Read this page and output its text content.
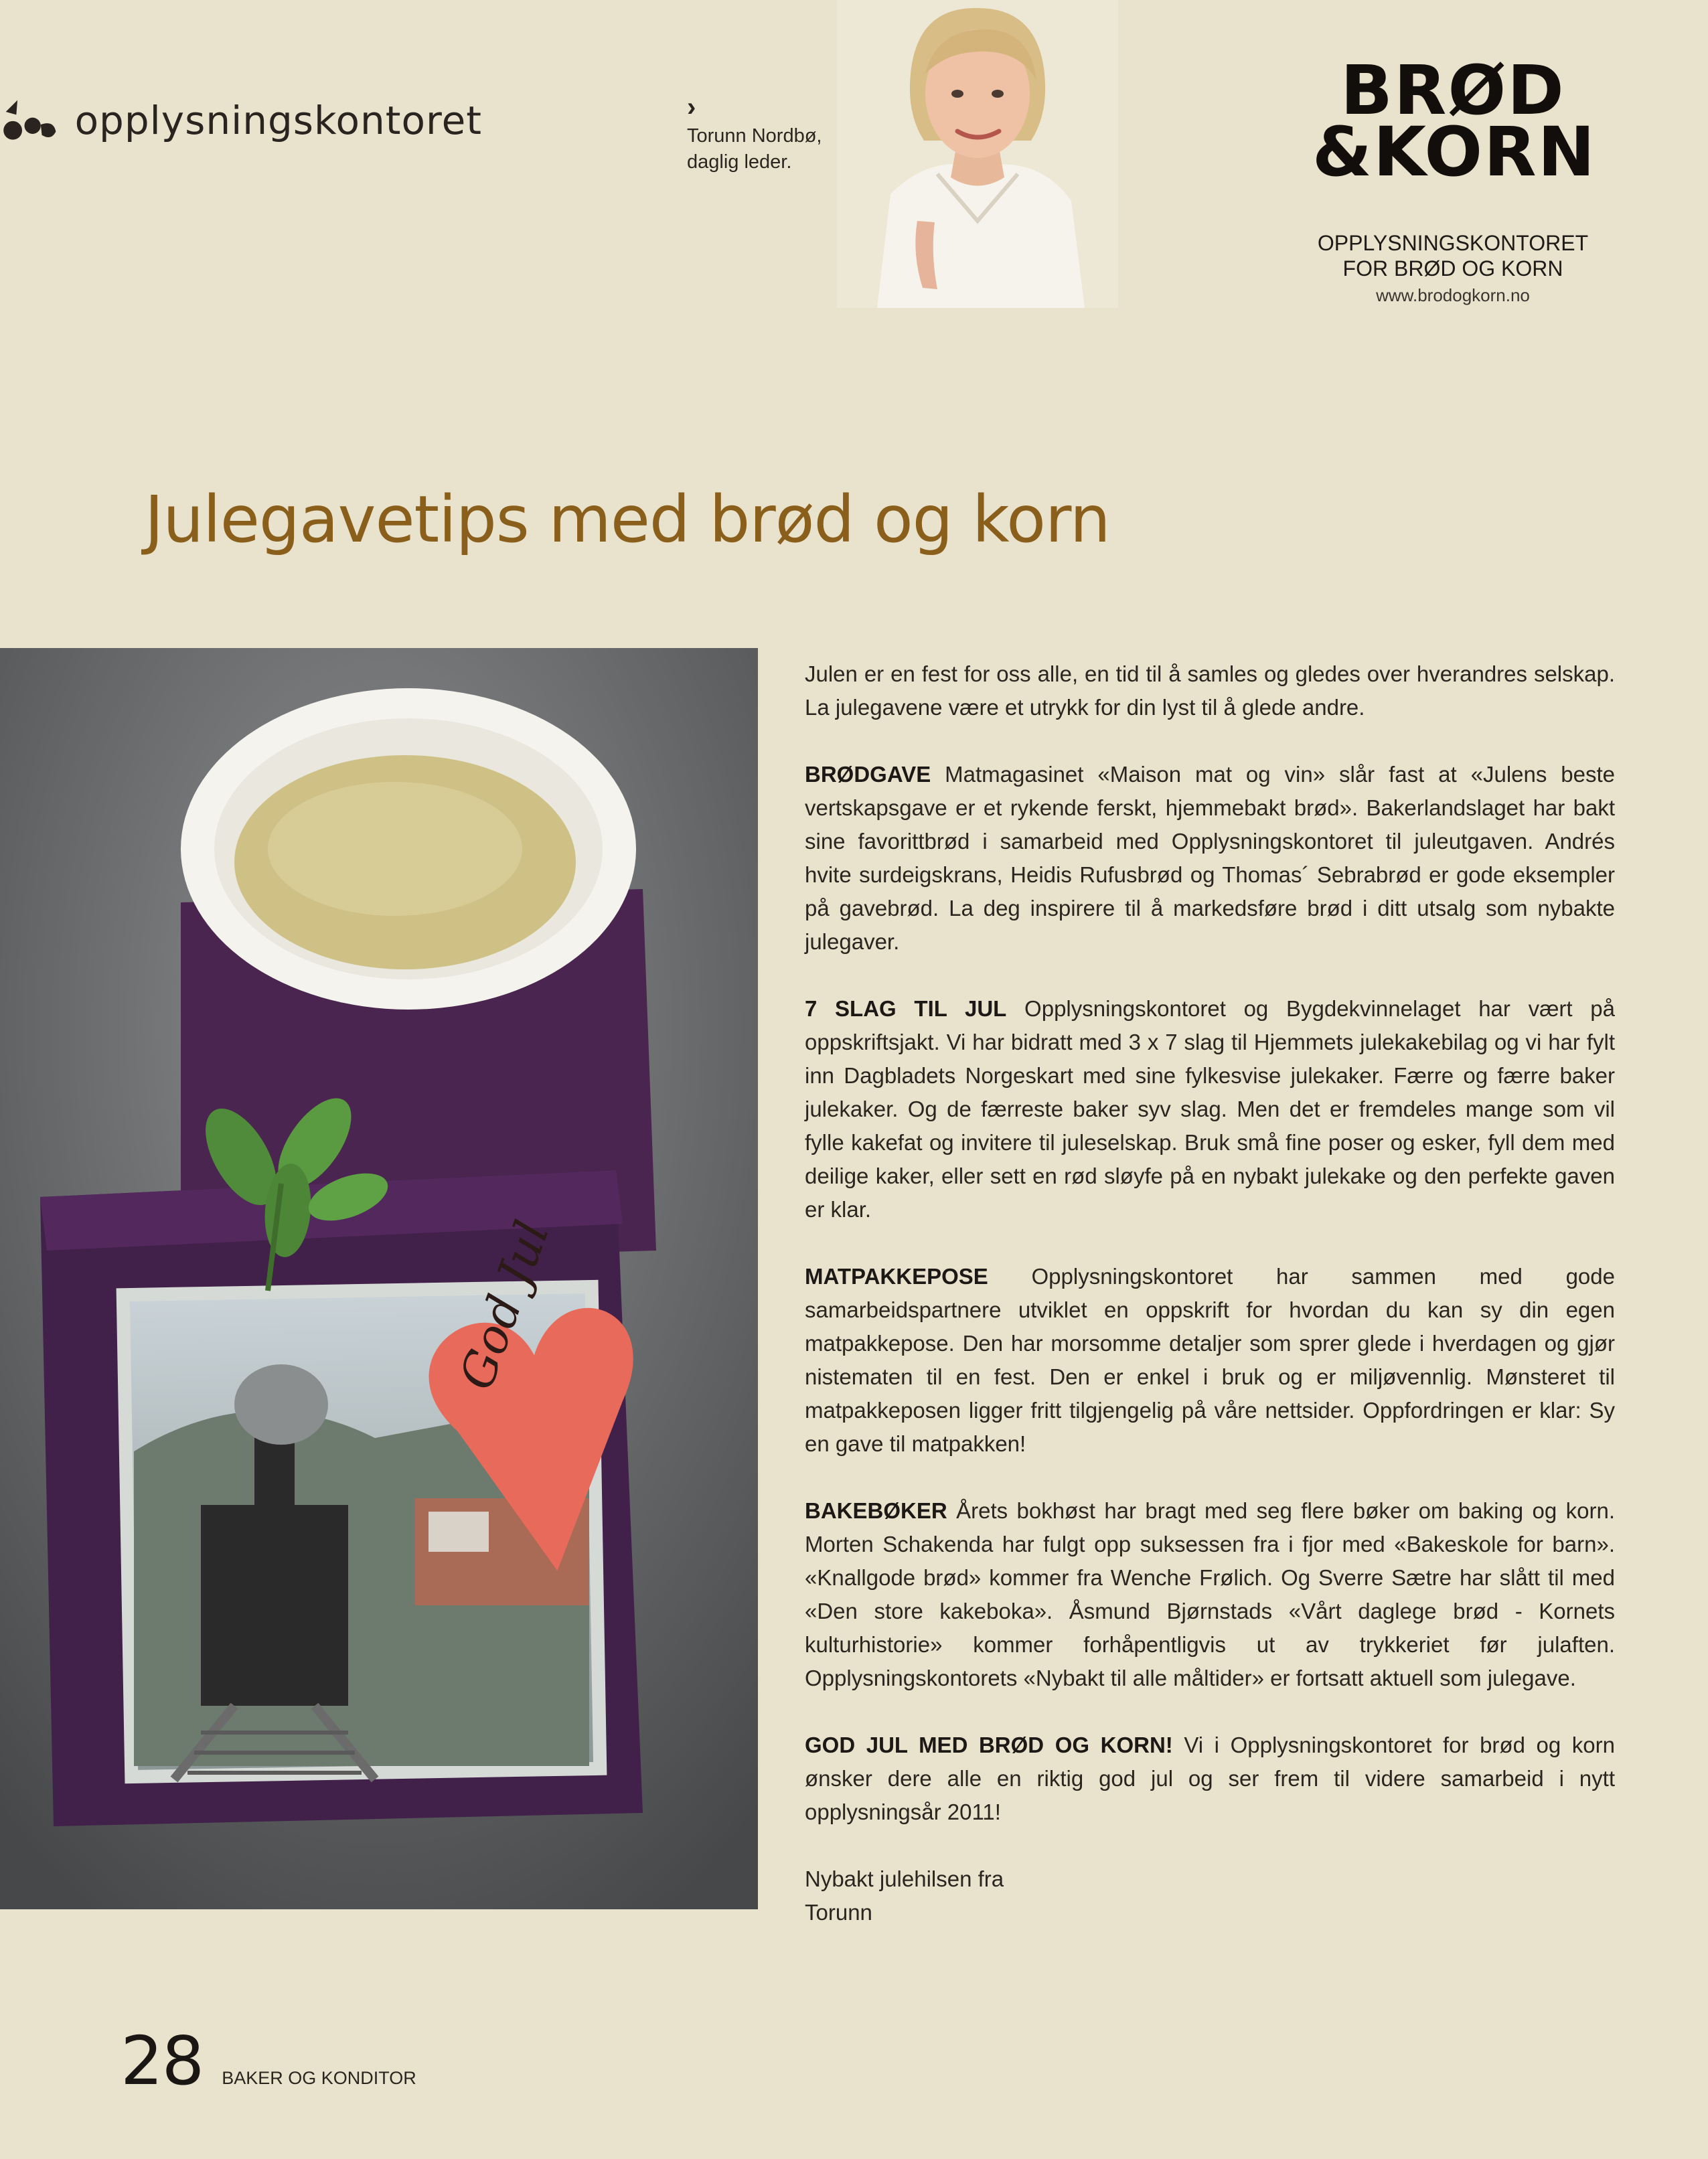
opplysningskontoret	›
Torunn Nordbø,
daglig leder.
BRØD
&KORN
OPPLYSNINGSKONTORET
FOR BRØD OG KORN
www.brodogkorn.no
Julegavetips med brød og korn
God Jul

Julen er en fest for oss alle, en tid til å samles og gledes over hverandres selskap. La julegavene være et utrykk for din lyst til å glede andre.

BRØDGAVE Matmagasinet «Maison mat og vin» slår fast at «Julens beste vertskapsgave er et rykende ferskt, hjemmebakt brød». Bakerlandslaget har bakt sine favorittbrød i samarbeid med Opplysningskontoret til juleutgaven. Andrés hvite surdeigskrans, Heidis Rufusbrød og Thomas´ Sebrabrød er gode eksempler på gavebrød. La deg inspirere til å markedsføre brød i ditt utsalg som nybakte julegaver.

7 SLAG TIL JUL Opplysningskontoret og Bygdekvinnelaget har vært på oppskriftsjakt. Vi har bidratt med 3 x 7 slag til Hjemmets julekakebilag og vi har fylt inn Dagbladets Norgeskart med sine fylkesvise julekaker. Færre og færre baker julekaker. Og de færreste baker syv slag. Men det er fremdeles mange som vil fylle kakefat og invitere til juleselskap. Bruk små fine poser og esker, fyll dem med deilige kaker, eller sett en rød sløyfe på en nybakt julekake og den perfekte gaven er klar.

MATPAKKEPOSE Opplysningskontoret har sammen med gode samarbeidspartnere utviklet en oppskrift for hvordan du kan sy din egen matpakkepose. Den har morsomme detaljer som sprer glede i hverdagen og gjør nistematen til en fest. Den er enkel i bruk og er miljøvennlig. Mønsteret til matpakkeposen ligger fritt tilgjengelig på våre nettsider. Oppfordringen er klar: Sy en gave til matpakken!

BAKEBØKER Årets bokhøst har bragt med seg flere bøker om baking og korn. Morten Schakenda har fulgt opp suksessen fra i fjor med «Bakeskole for barn». «Knallgode brød» kommer fra Wenche Frølich. Og Sverre Sætre har slått til med «Den store kakeboka». Åsmund Bjørnstads «Vårt daglege brød - Kornets kulturhistorie» kommer forhåpentligvis ut av trykkeriet før julaften. Opplysningskontorets «Nybakt til alle måltider» er fortsatt aktuell som julegave.

GOD JUL MED BRØD OG KORN! Vi i Opplysningskontoret for brød og korn ønsker dere alle en riktig god jul og ser frem til videre samarbeid i nytt opplysningsår 2011!

Nybakt julehilsen fra
Torunn
28 BAKER OG KONDITOR
